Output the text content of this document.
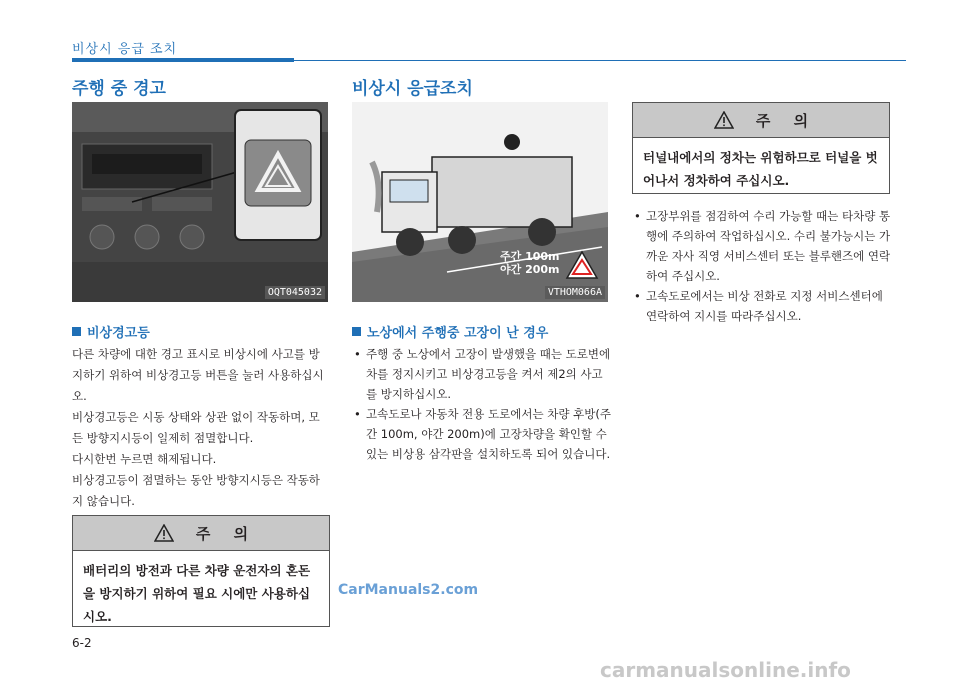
비상시 응급 조치
주행 중 경고
OQT045032
비상경고등

다른 차량에 대한 경고 표시로 비상시에 사고를 방지하기 위하여 비상경고등 버튼을 눌러 사용하십시오.

비상경고등은 시동 상태와 상관 없이 작동하며, 모든 방향지시등이 일제히 점멸합니다.

다시한번 누르면 해제됩니다.

비상경고등이 점멸하는 동안 방향지시등은 작동하지 않습니다.

주 의
배터리의 방전과 다른 차량 운전자의 혼돈을 방지하기 위하여 필요 시에만 사용하십시오.
6-2
비상시 응급조치
주간 100m
야간 200m
VTHOM066A
노상에서 주행중 고장이 난 경우
• 주행 중 노상에서 고장이 발생했을 때는 도로변에 차를 정지시키고 비상경고등을 켜서 제2의 사고를 방지하십시오.
• 고속도로나 자동차 전용 도로에서는 차량 후방(주간 100m, 야간 200m)에 고장차량을 확인할 수 있는 비상용 삼각판을 설치하도록 되어 있습니다.
주 의
터널내에서의 정차는 위험하므로 터널을 벗어나서 정차하여 주십시오.
• 고장부위를 점검하여 수리 가능할 때는 타차량 통행에 주의하여 작업하십시오. 수리 불가능시는 가까운 자사 직영 서비스센터 또는 블루핸즈에 연락하여 주십시오.
• 고속도로에서는 비상 전화로 지정 서비스센터에 연락하여 지시를 따라주십시오.
CarManuals2.com
carmanualsonline.info
